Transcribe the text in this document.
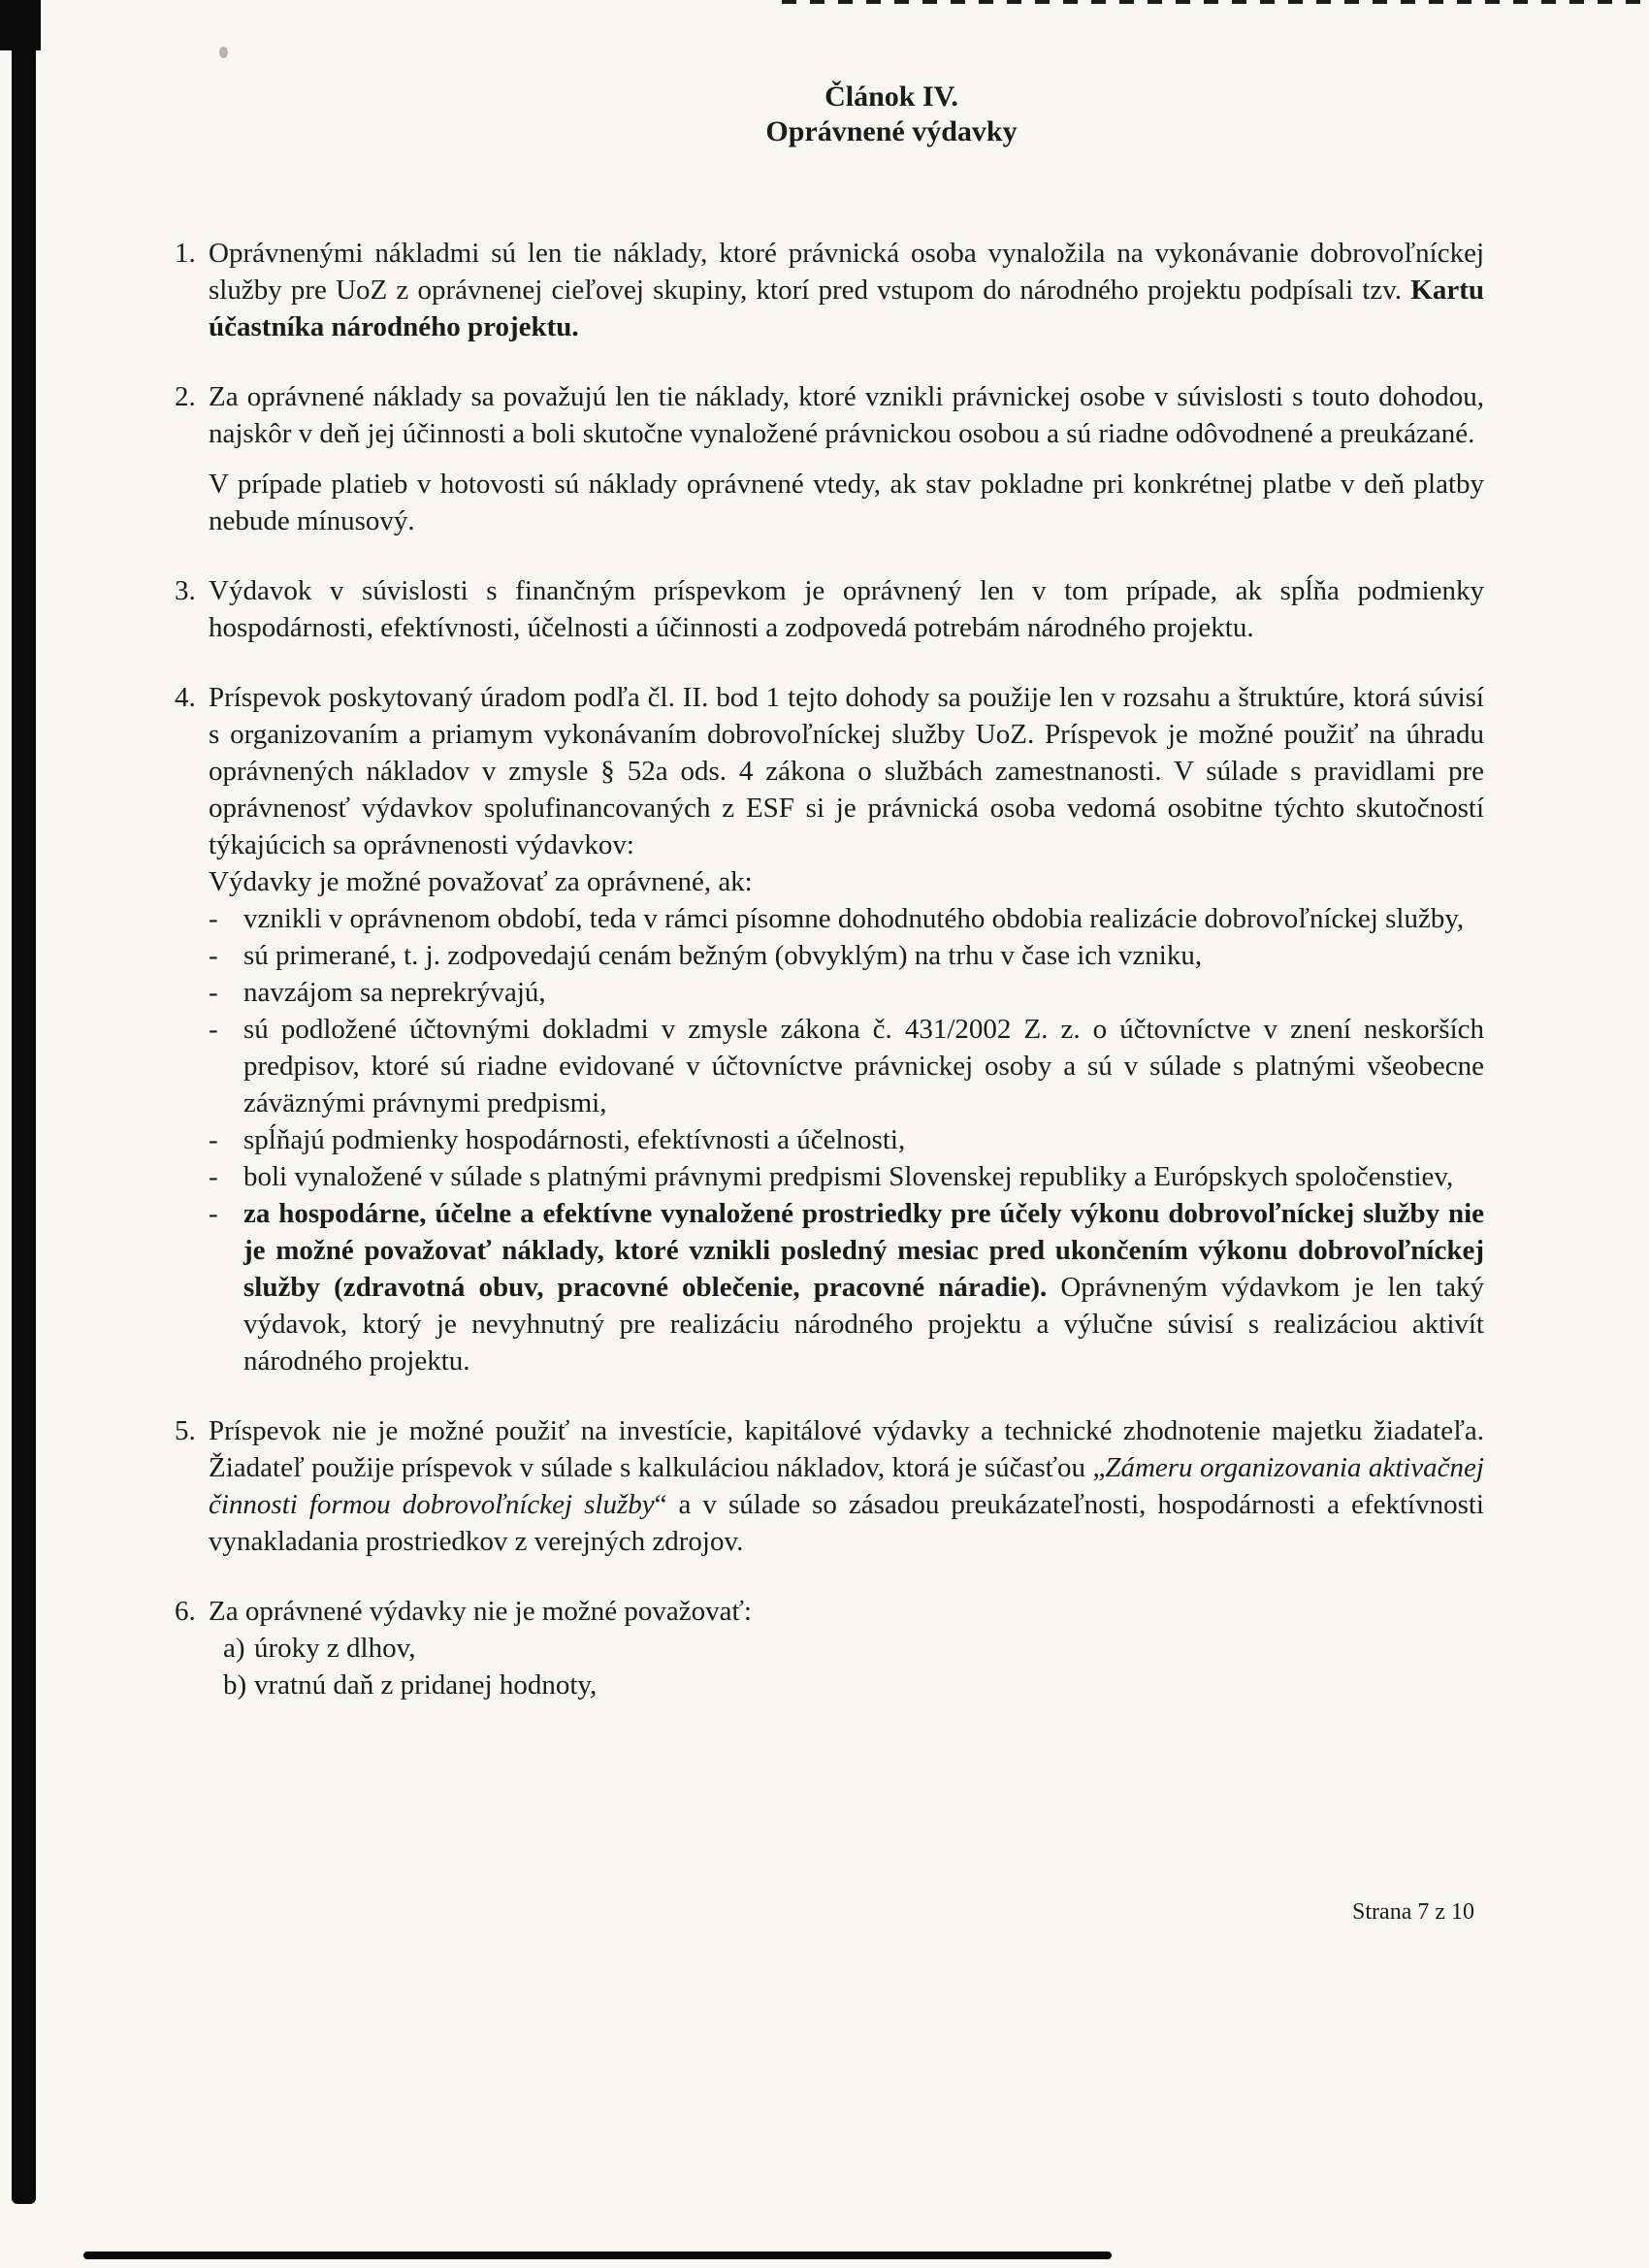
Článok IV.
Oprávnené výdavky
1. Oprávnenými nákladmi sú len tie náklady, ktoré právnická osoba vynaložila na vykonávanie dobrovoľníckej služby pre UoZ z oprávnenej cieľovej skupiny, ktorí pred vstupom do národného projektu podpísali tzv. Kartu účastníka národného projektu.

2. Za oprávnené náklady sa považujú len tie náklady, ktoré vznikli právnickej osobe v súvislosti s touto dohodou, najskôr v deň jej účinnosti a boli skutočne vynaložené právnickou osobou a sú riadne odôvodnené a preukázané.

V prípade platieb v hotovosti sú náklady oprávnené vtedy, ak stav pokladne pri konkrétnej platbe v deň platby nebude mínusový.

3. Výdavok v súvislosti s finančným príspevkom je oprávnený len v tom prípade, ak spĺňa podmienky hospodárnosti, efektívnosti, účelnosti a účinnosti a zodpovedá potrebám národného projektu.

4. Príspevok poskytovaný úradom podľa čl. II. bod 1 tejto dohody sa použije len v rozsahu a štruktúre, ktorá súvisí s organizovaním a priamym vykonávaním dobrovoľníckej služby UoZ. Príspevok je možné použiť na úhradu oprávnených nákladov v zmysle § 52a ods. 4 zákona o službách zamestnanosti. V súlade s pravidlami pre oprávnenosť výdavkov spolufinancovaných z ESF si je právnická osoba vedomá osobitne týchto skutočností týkajúcich sa oprávnenosti výdavkov:

Výdavky je možné považovať za oprávnené, ak:

- vznikli v oprávnenom období, teda v rámci písomne dohodnutého obdobia realizácie dobrovoľníckej služby,
- sú primerané, t. j. zodpovedajú cenám bežným (obvyklým) na trhu v čase ich vzniku,
- navzájom sa neprekrývajú,
- sú podložené účtovnými dokladmi v zmysle zákona č. 431/2002 Z. z. o účtovníctve v znení neskorších predpisov, ktoré sú riadne evidované v účtovníctve právnickej osoby a sú v súlade s platnými všeobecne záväznými právnymi predpismi,
- spĺňajú podmienky hospodárnosti, efektívnosti a účelnosti,
- boli vynaložené v súlade s platnými právnymi predpismi Slovenskej republiky a Európskych spoločenstiev,
- za hospodárne, účelne a efektívne vynaložené prostriedky pre účely výkonu dobrovoľníckej služby nie je možné považovať náklady, ktoré vznikli posledný mesiac pred ukončením výkonu dobrovoľníckej služby (zdravotná obuv, pracovné oblečenie, pracovné náradie). Oprávneným výdavkom je len taký výdavok, ktorý je nevyhnutný pre realizáciu národného projektu a výlučne súvisí s realizáciou aktivít národného projektu.
5. Príspevok nie je možné použiť na investície, kapitálové výdavky a technické zhodnotenie majetku žiadateľa. Žiadateľ použije príspevok v súlade s kalkuláciou nákladov, ktorá je súčasťou „Zámeru organizovania aktivačnej činnosti formou dobrovoľníckej služby“ a v súlade so zásadou preukázateľnosti, hospodárnosti a efektívnosti vynakladania prostriedkov z verejných zdrojov.

6. Za oprávnené výdavky nie je možné považovať:

a) úroky z dlhov,
b) vratnú daň z pridanej hodnoty,
Strana 7 z 10
